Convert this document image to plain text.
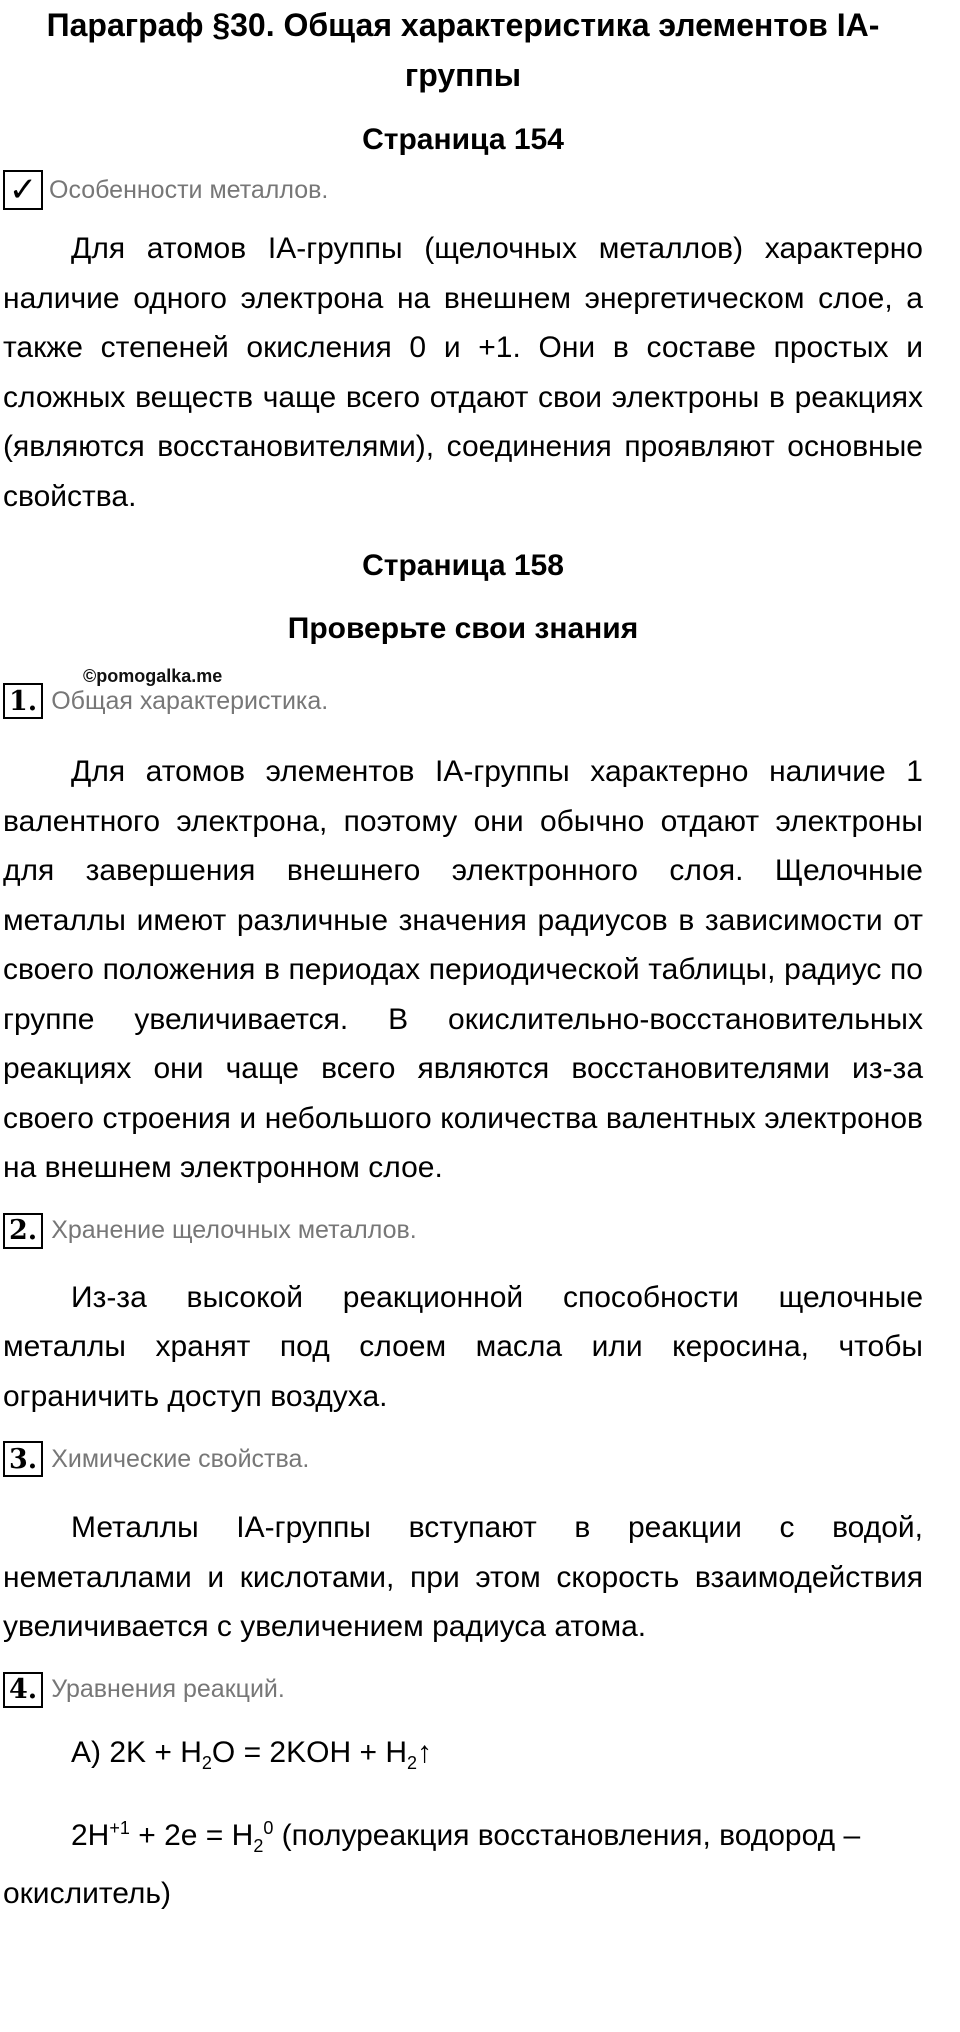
Параграф §30. Общая характеристика элементов IA-группы
Страница 154
✓ Особенности металлов.

Для атомов IA-группы (щелочных металлов) характерно наличие одного электрона на внешнем энергетическом слое, а также степеней окисления 0 и +1. Они в составе простых и сложных веществ чаще всего отдают свои электроны в реакциях (являются восстановителями), соединения проявляют основные свойства.

Страница 158
Проверьте свои знания
1. Общая характеристика.

Для атомов элементов IA-группы характерно наличие 1 валентного электрона, поэтому они обычно отдают электроны для завершения внешнего электронного слоя. Щелочные металлы имеют различные значения радиусов в зависимости от своего положения в периодах периодической таблицы, радиус по группе увеличивается. В окислительно-восстановительных реакциях они чаще всего являются восстановителями из-за своего строения и небольшого количества валентных электронов на внешнем электронном слое.

2. Хранение щелочных металлов.

Из-за высокой реакционной способности щелочные металлы хранят под слоем масла или керосина, чтобы ограничить доступ воздуха.

3. Химические свойства.

Металлы IA-группы вступают в реакции с водой, неметаллами и кислотами, при этом скорость взаимодействия увеличивается с увеличением радиуса атома.

4. Уравнения реакций.

А) $2K + H_2O = 2KOH$ + $H_2↑$

$2H^{+1} + 2e = H_2^0$ (полуреакция восстановления, водород – окислитель)

©pomogalka.me
